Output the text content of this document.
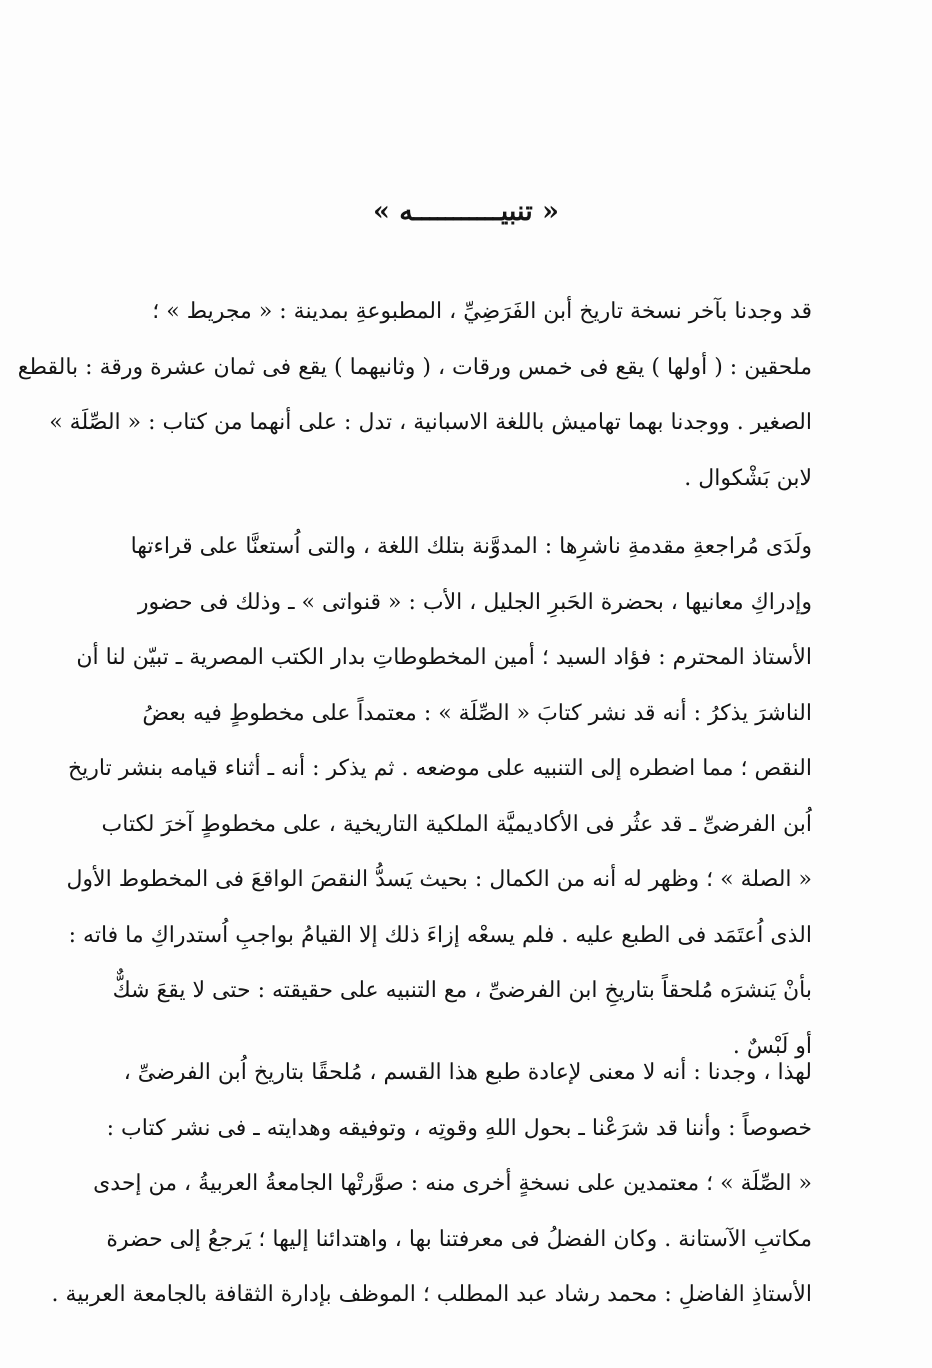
« تنبيـــــــــــه »
قد وجدنا بآخر نسخة تاريخ أبن الفَرَضِيِّ ، المطبوعةِ بمدينة : « مجريط » ؛
ملحقين : ( أولها ) يقع فى خمس ورقات ، ( وثانيهما ) يقع فى ثمان عشرة ورقة : بالقطع
الصغير . ووجدنا بهما تهاميش باللغة الاسبانية ، تدل : على أنهما من كتاب : « الصِّلَة »
لابن بَشْكوال .
ولَدَى مُراجعةِ مقدمةِ ناشرِها : المدوَّنة بتلك اللغة ، والتى اُستعنَّا على قراءتها
وإدراكِ معانيها ، بحضرة الحَبرِ الجليل ، الأب : « قنواتى » ـ وذلك فى حضور
الأستاذ المحترم : فؤاد السيد ؛ أمين المخطوطاتِ بدار الكتب المصرية ـ تبيّن لنا أن
الناشرَ يذكرُ : أنه قد نشر كتابَ « الصِّلَة » : معتمداً على مخطوطٍ فيه بعضُ
النقص ؛ مما اضطره إلى التنبيه على موضعه . ثم يذكر : أنه ـ أثناء قيامه بنشر تاريخ
اُبن الفرضىِّ ـ قد عثُر فى الأكاديميَّة الملكية التاريخية ، على مخطوطٍ آخرَ لكتاب
« الصلة » ؛ وظهر له أنه من الكمال : بحيث يَسدُّ النقصَ الواقعَ فى المخطوط الأول
الذى اُعتَمَد فى الطبع عليه . فلم يسعْه إزاءَ ذلك إلا القيامُ بواجبِ اُستدراكِ ما فاته :
بأنْ يَنشرَه مُلحقاً بتاريخِ ابن الفرضىِّ ، مع التنبيه على حقيقته : حتى لا يقعَ شكٌّ
أو لَبْسٌ .
لهذا ، وجدنا : أنه لا معنى لإعادة طبع هذا القسم ، مُلحقًا بتاريخ اُبن الفرضىِّ ،
خصوصاً : وأننا قد شرَعْنا ـ بحول اللهِ وقوتِه ، وتوفيقه وهدايته ـ فى نشر كتاب :
« الصِّلَة » ؛ معتمدين على نسخةٍ أخرى منه : صوَّرتْها الجامعةُ العربيةُ ، من إحدى
مكاتبِ الآستانة . وكان الفضلُ فى معرفتنا بها ، واهتدائنا إليها ؛ يَرجعُ إلى حضرة
الأستاذِ الفاضلِ : محمد رشاد عبد المطلب ؛ الموظف بإدارة الثقافة بالجامعة العربية .
